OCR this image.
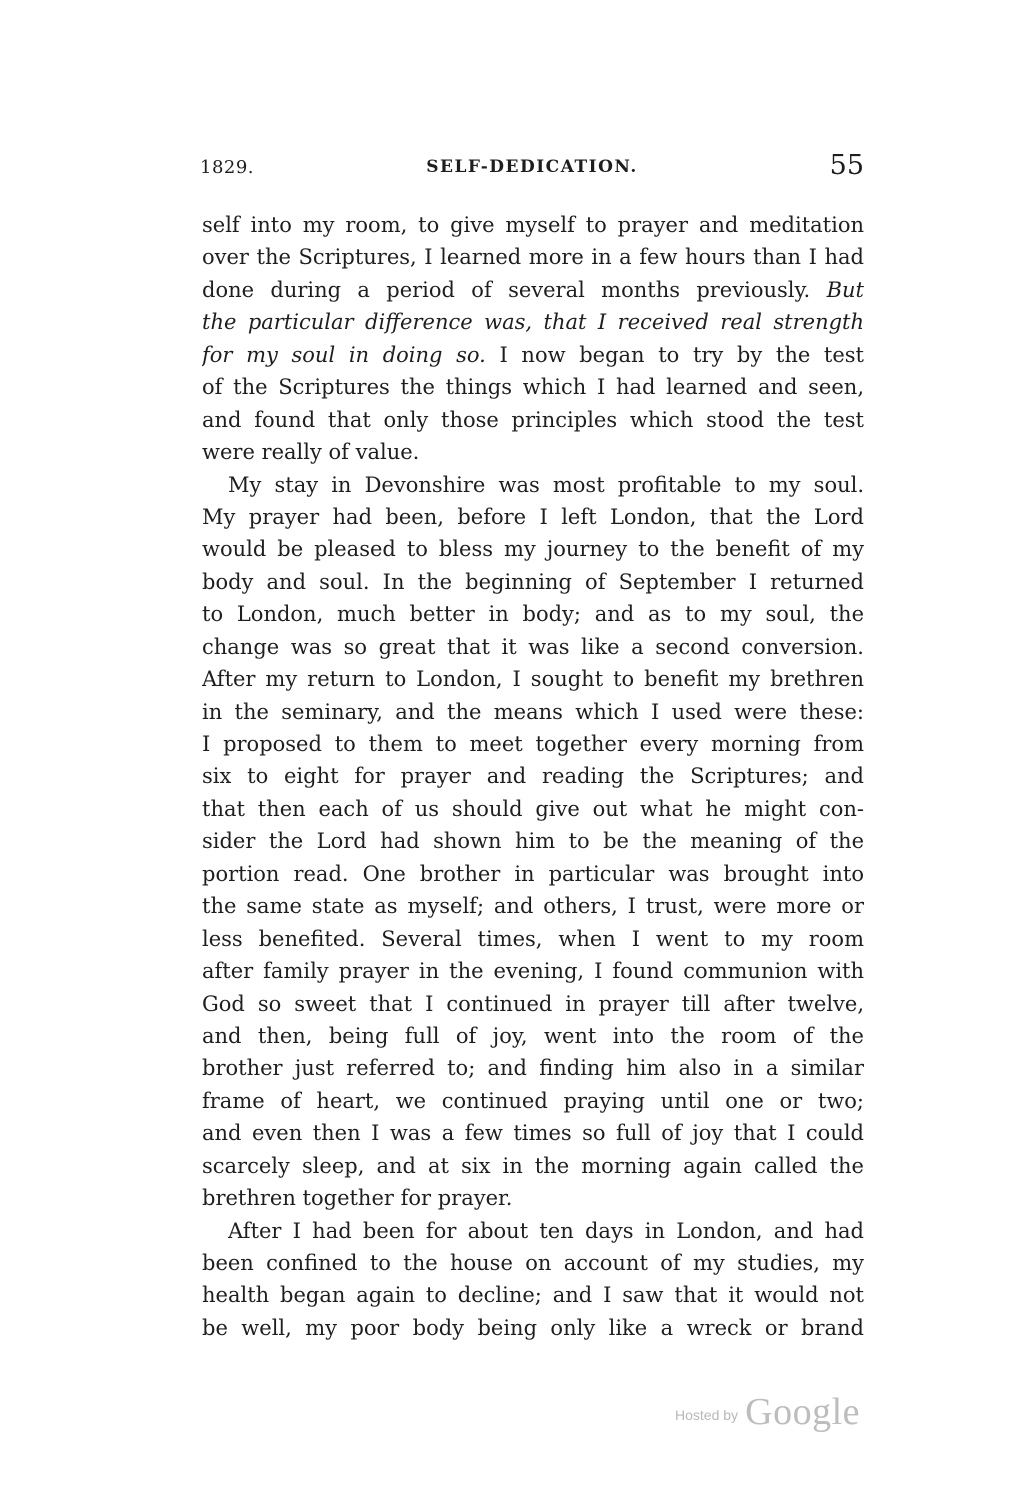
1829.	SELF-DEDICATION.	55
self into my room, to give myself to prayer and meditation
over the Scriptures, I learned more in a few hours than I had
done during a period of several months previously. But
the particular difference was, that I received real strength
for my soul in doing so. I now began to try by the test
of the Scriptures the things which I had learned and seen,
and found that only those principles which stood the test
were really of value.
My stay in Devonshire was most profitable to my soul.
My prayer had been, before I left London, that the Lord
would be pleased to bless my journey to the benefit of my
body and soul. In the beginning of September I returned
to London, much better in body; and as to my soul, the
change was so great that it was like a second conversion.
After my return to London, I sought to benefit my brethren
in the seminary, and the means which I used were these:
I proposed to them to meet together every morning from
six to eight for prayer and reading the Scriptures; and
that then each of us should give out what he might con-
sider the Lord had shown him to be the meaning of the
portion read. One brother in particular was brought into
the same state as myself; and others, I trust, were more or
less benefited. Several times, when I went to my room
after family prayer in the evening, I found communion with
God so sweet that I continued in prayer till after twelve,
and then, being full of joy, went into the room of the
brother just referred to; and finding him also in a similar
frame of heart, we continued praying until one or two;
and even then I was a few times so full of joy that I could
scarcely sleep, and at six in the morning again called the
brethren together for prayer.
After I had been for about ten days in London, and had
been confined to the house on account of my studies, my
health began again to decline; and I saw that it would not
be well, my poor body being only like a wreck or brand
Hosted by Google
